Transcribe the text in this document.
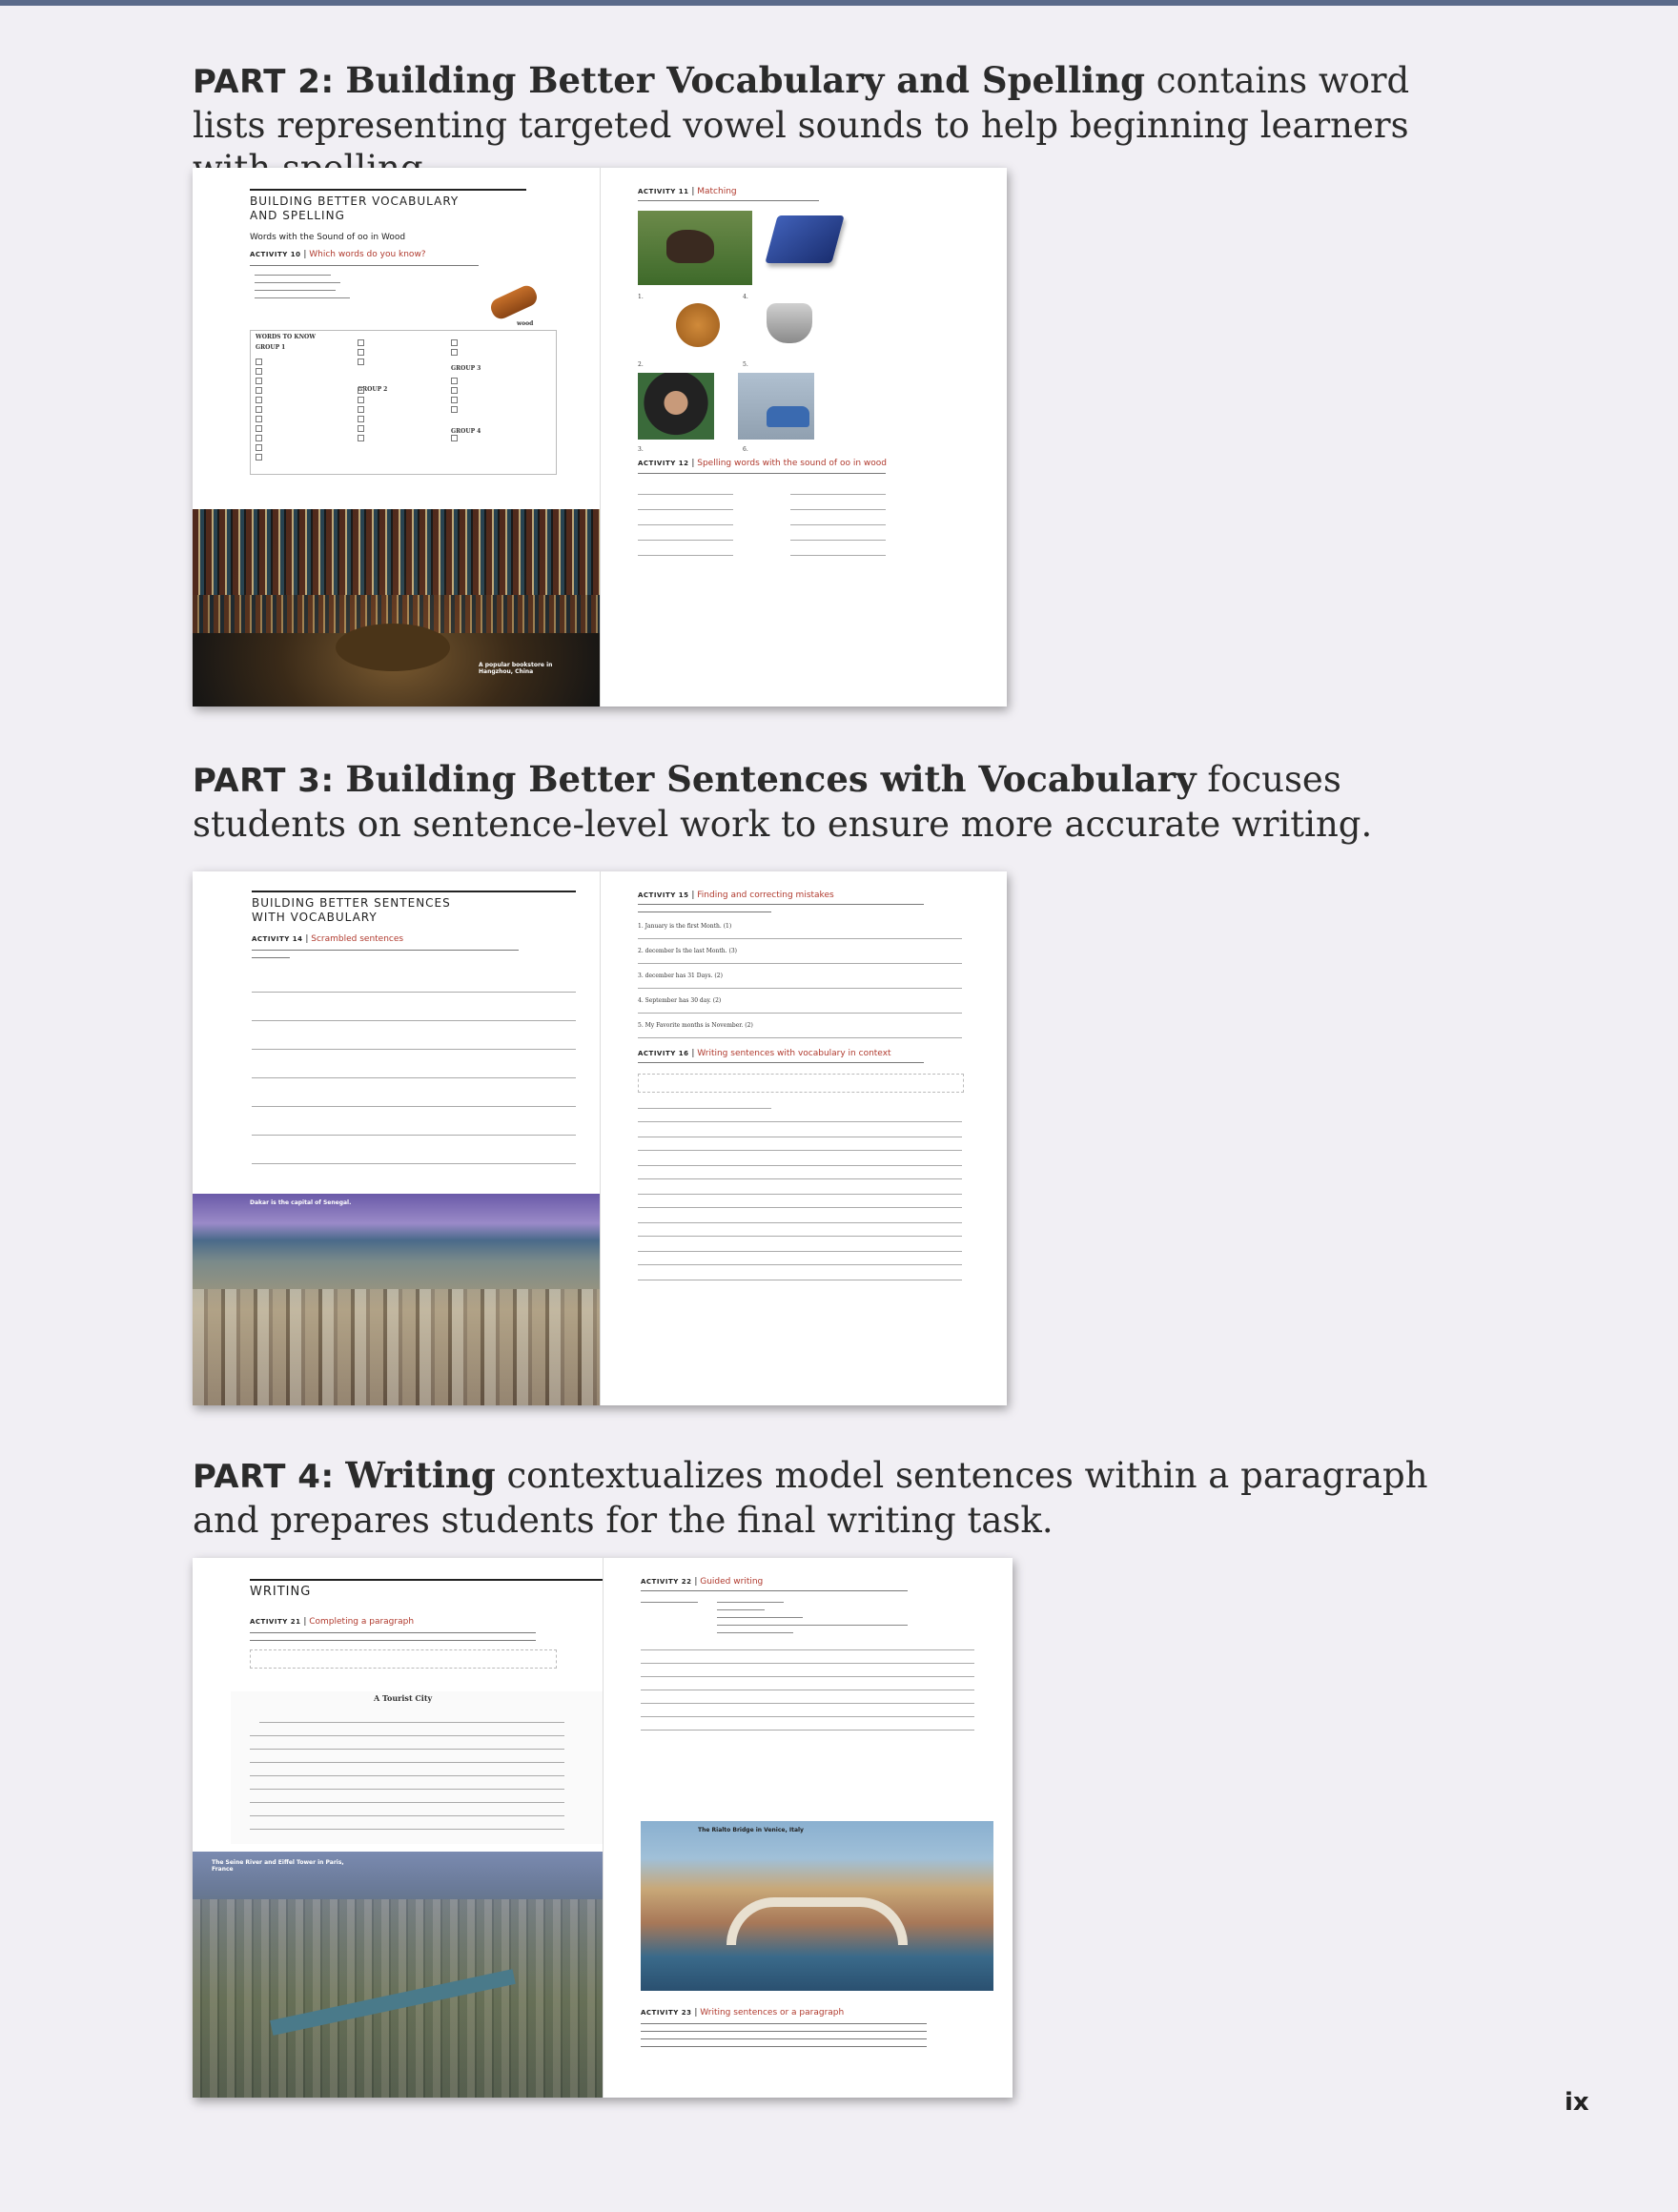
PART 2: Building Better Vocabulary and Spelling contains word lists representing targeted vowel sounds to help beginning learners
BUILDING BETTER VOCABULARY
AND SPELLING
Words with the Sound of oo in Wood
ACTIVITY 10 | Which words do you know?
wood
WORDS TO KNOW
GROUP 1
GROUP 2
GROUP 3
GROUP 4

A popular bookstore in Hangzhou, China
ACTIVITY 11 | Matching
1.	4.
2.	5.
3.	6.
ACTIVITY 12 | Spelling words with the sound of oo in wood
PART 3: Building Better Sentences with Vocabulary focuses students on sentence-level work to ensure more accurate writing.
BUILDING BETTER SENTENCES
WITH VOCABULARY
ACTIVITY 14 | Scrambled sentences
Dakar is the capital of Senegal.
ACTIVITY 15 | Finding and correcting mistakes
1. January is the first Month. (1)
2. december Is the last Month. (3)
3. december has 31 Days. (2)
4. September has 30 day. (2)
5. My Favorite months is November. (2)
ACTIVITY 16 | Writing sentences with vocabulary in context
PART 4: Writing contextualizes model sentences within a paragraph and prepares students for the final writing task.
WRITING
ACTIVITY 21 | Completing a paragraph
A Tourist City
The Seine River and Eiffel Tower in Paris, France
ACTIVITY 22 | Guided writing
The Rialto Bridge in Venice, Italy
ACTIVITY 23 | Writing sentences or a paragraph
ix
